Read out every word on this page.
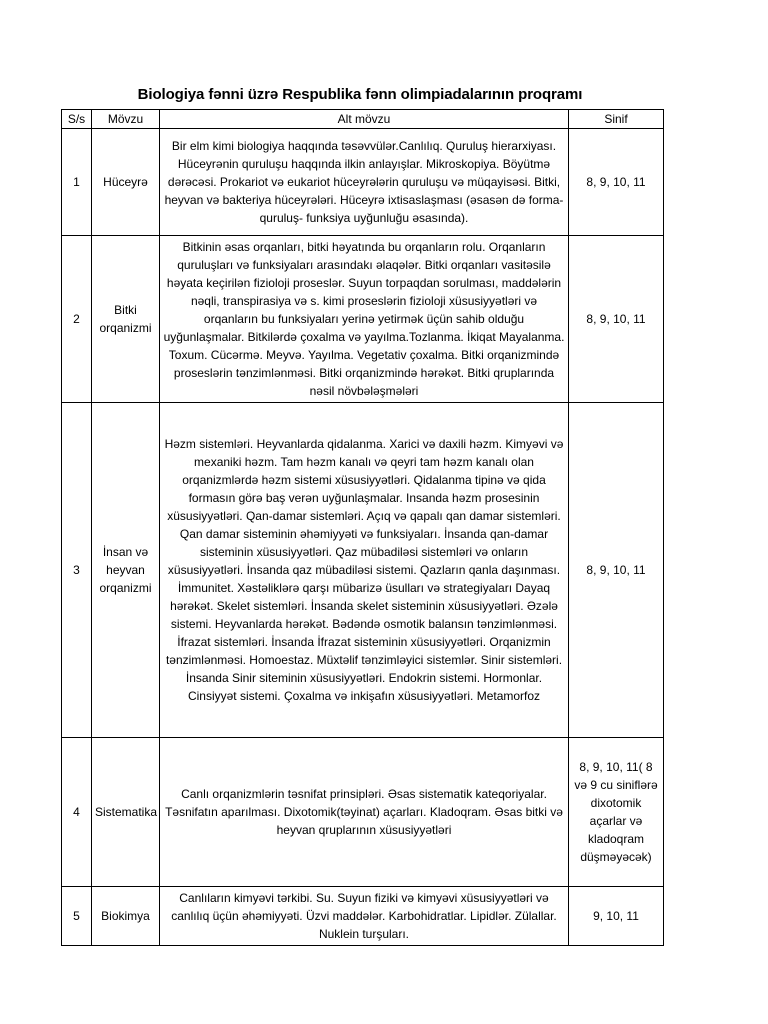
Biologiya fənni üzrə Respublika fənn olimpiadalarının proqramı
S/s	Mövzu	Alt mövzu	Sinif
1	Hüceyrə	Bir elm kimi biologiya haqqında təsəvvülər.Canlılıq. Quruluş hierarxiyası. Hüceyrənin quruluşu haqqında ilkin anlayışlar. Mikroskopiya. Böyütmə dərəcəsi. Prokariot və eukariot hüceyrələrin quruluşu və müqayisəsi. Bitki, heyvan və bakteriya hüceyrələri. Hüceyrə ixtisaslaşması (əsasən də forma-quruluş- funksiya uyğunluğu əsasında).	8, 9, 10, 11
2	Bitki orqanizmi	Bitkinin əsas orqanları, bitki həyatında bu orqanların rolu. Orqanların quruluşları və funksiyaları arasındakı əlaqələr. Bitki orqanları vasitəsilə həyata keçirilən fizioloji proseslər. Suyun torpaqdan sorulması, maddələrin nəqli, transpirasiya və s. kimi proseslərin fizioloji xüsusiyyətləri və orqanların bu funksiyaları yerinə yetirmək üçün sahib olduğu uyğunlaşmalar. Bitkilərdə çoxalma və yayılma.Tozlanma. İkiqat Mayalanma. Toxum. Cücərmə. Meyvə. Yayılma. Vegetativ çoxalma. Bitki orqanizmində proseslərin tənzimlənməsi. Bitki orqanizmində hərəkət. Bitki qruplarında nəsil növbələşmələri	8, 9, 10, 11
3	İnsan və heyvan orqanizmi	Həzm sistemləri. Heyvanlarda qidalanma. Xarici və daxili həzm. Kimyəvi və mexaniki həzm. Tam həzm kanalı və qeyri tam həzm kanalı olan orqanizmlərdə həzm sistemi xüsusiyyətləri. Qidalanma tipinə və qida formasın görə baş verən uyğunlaşmalar. Insanda həzm prosesinin xüsusiyyətləri. Qan-damar sistemləri. Açıq və qapalı qan damar sistemləri. Qan damar sisteminin əhəmiyyəti və funksiyaları. İnsanda qan-damar sisteminin xüsusiyyətləri. Qaz mübadiləsi sistemləri və onların xüsusiyyətləri. İnsanda qaz mübadiləsi sistemi. Qazların qanla daşınması. İmmunitet. Xəstəliklərə qarşı mübarizə üsulları və strategiyaları Dayaq hərəkət. Skelet sistemləri. İnsanda skelet sisteminin xüsusiyyətləri. Əzələ sistemi. Heyvanlarda hərəkət. Bədəndə osmotik balansın tənzimlənməsi. İfrazat sistemləri. İnsanda İfrazat sisteminin xüsusiyyətləri. Orqanizmin tənzimlənməsi. Homoestaz. Müxtəlif tənzimləyici sistemlər. Sinir sistemləri. İnsanda Sinir siteminin xüsusiyyətləri. Endokrin sistemi. Hormonlar. Cinsiyyət sistemi. Çoxalma və inkişafın xüsusiyyətləri. Metamorfoz	8, 9, 10, 11
4	Sistematika	Canlı orqanizmlərin təsnifat prinsipləri. Əsas sistematik kateqoriyalar. Təsnifatın aparılması. Dixotomik(təyinat) açarları. Kladoqram. Əsas bitki və heyvan qruplarının xüsusiyyətləri	8, 9, 10, 11( 8 və 9 cu siniflərə dixotomik açarlar və kladoqram düşməyəcək)
5	Biokimya	Canlıların kimyəvi tərkibi. Su. Suyun fiziki və kimyəvi xüsusiyyətləri və canlılıq üçün əhəmiyyəti. Üzvi maddələr. Karbohidratlar. Lipidlər. Zülallar. Nuklein turşuları.	9, 10, 11
